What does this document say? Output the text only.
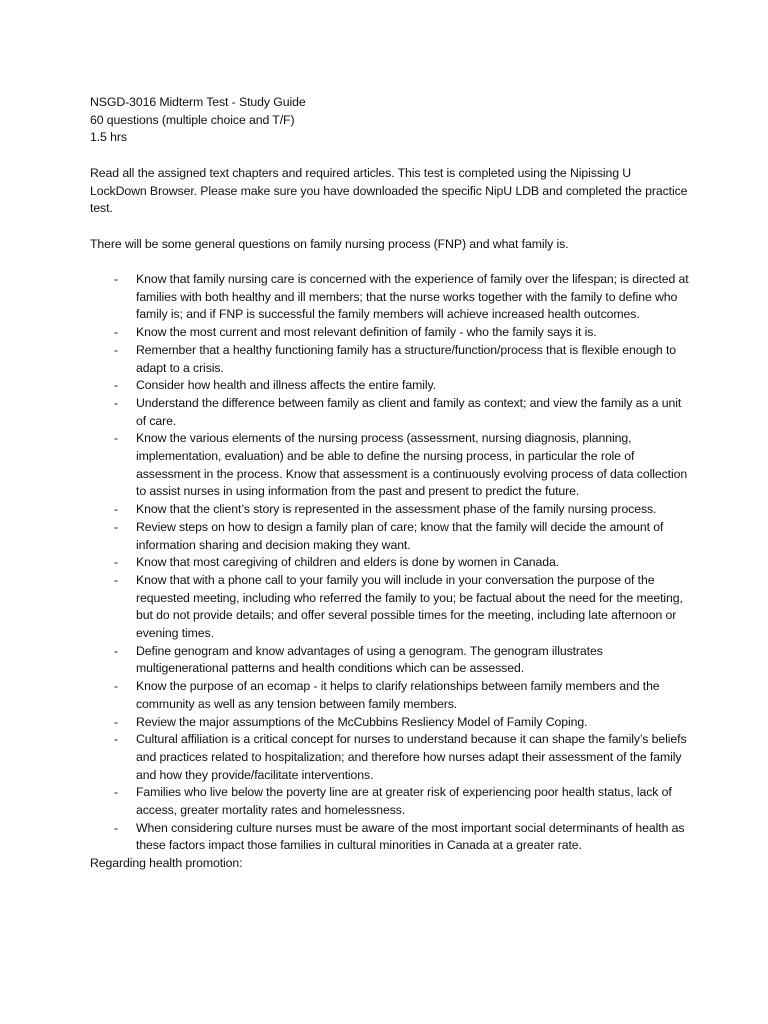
NSGD-3016 Midterm Test - Study Guide
60 questions (multiple choice and T/F)
1.5 hrs

Read all the assigned text chapters and required articles. This test is completed using the Nipissing U LockDown Browser. Please make sure you have downloaded the specific NipU LDB and completed the practice test.

There will be some general questions on family nursing process (FNP) and what family is.

- Know that family nursing care is concerned with the experience of family over the lifespan; is directed at families with both healthy and ill members; that the nurse works together with the family to define who family is; and if FNP is successful the family members will achieve increased health outcomes.
- Know the most current and most relevant definition of family - who the family says it is.
- Remember that a healthy functioning family has a structure/function/process that is flexible enough to adapt to a crisis.
- Consider how health and illness affects the entire family.
- Understand the difference between family as client and family as context; and view the family as a unit of care.
- Know the various elements of the nursing process (assessment, nursing diagnosis, planning, implementation, evaluation) and be able to define the nursing process, in particular the role of assessment in the process. Know that assessment is a continuously evolving process of data collection to assist nurses in using information from the past and present to predict the future.
- Know that the client’s story is represented in the assessment phase of the family nursing process.
- Review steps on how to design a family plan of care; know that the family will decide the amount of information sharing and decision making they want.
- Know that most caregiving of children and elders is done by women in Canada.
- Know that with a phone call to your family you will include in your conversation the purpose of the requested meeting, including who referred the family to you; be factual about the need for the meeting, but do not provide details; and offer several possible times for the meeting, including late afternoon or evening times.
- Define genogram and know advantages of using a genogram. The genogram illustrates multigenerational patterns and health conditions which can be assessed.
- Know the purpose of an ecomap - it helps to clarify relationships between family members and the community as well as any tension between family members.
- Review the major assumptions of the McCubbins Resliency Model of Family Coping.
- Cultural affiliation is a critical concept for nurses to understand because it can shape the family’s beliefs and practices related to hospitalization; and therefore how nurses adapt their assessment of the family and how they provide/facilitate interventions.
- Families who live below the poverty line are at greater risk of experiencing poor health status, lack of access, greater mortality rates and homelessness.
- When considering culture nurses must be aware of the most important social determinants of health as these factors impact those families in cultural minorities in Canada at a greater rate.

Regarding health promotion:
